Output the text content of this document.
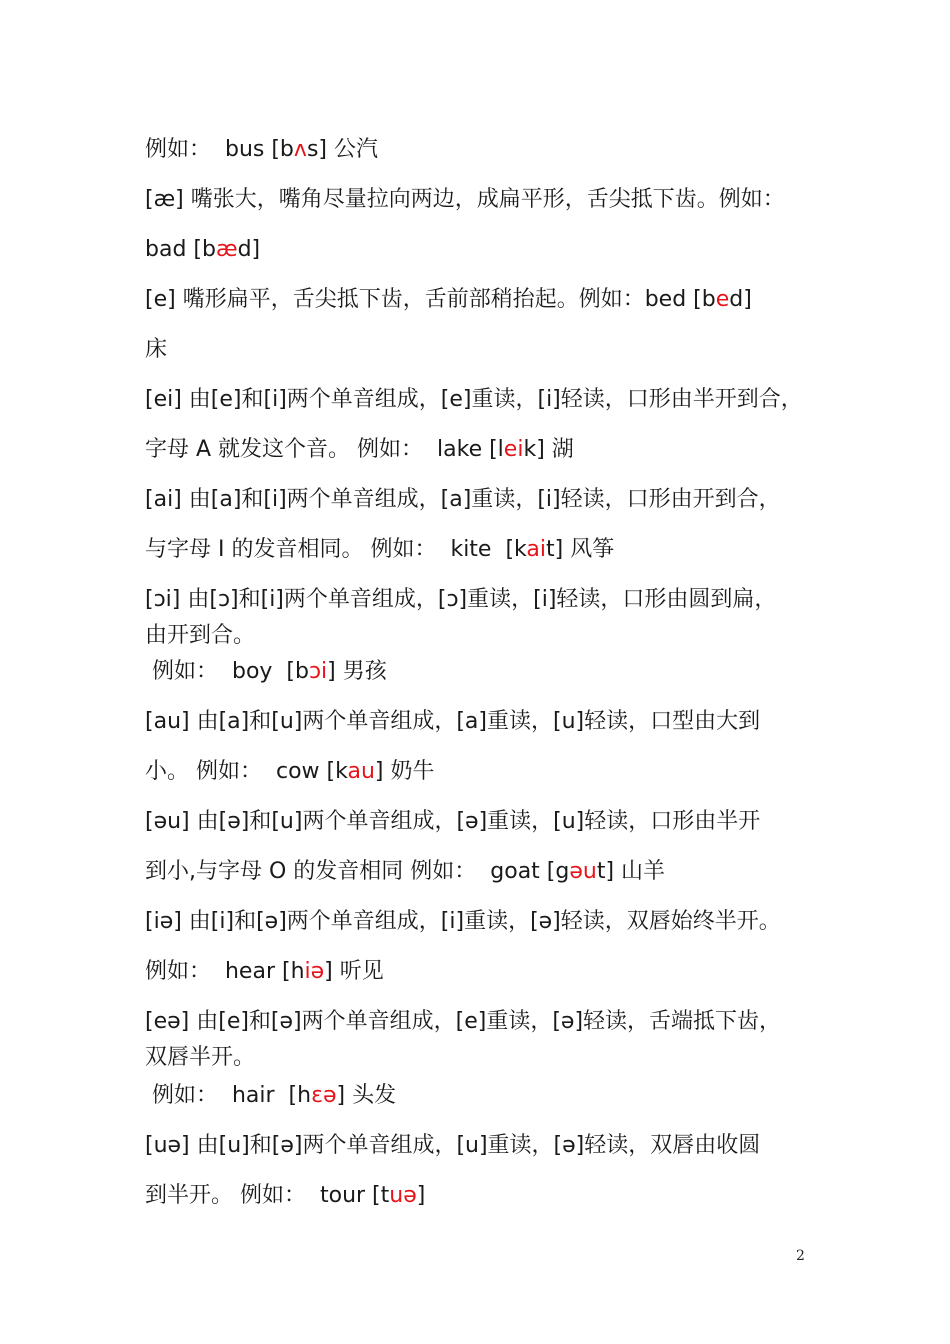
例如：  bus [bʌs] 公汽
[æ] 嘴张大，嘴角尽量拉向两边，成扁平形，舌尖抵下齿。例如：
bad [bæd]
[e] 嘴形扁平，舌尖抵下齿，舌前部稍抬起。例如：bed [bed]
床
[ei] 由[e]和[i]两个单音组成，[e]重读，[i]轻读，口形由半开到合，
字母 A 就发这个音。 例如：  lake [leik] 湖
[ai] 由[a]和[i]两个单音组成，[a]重读，[i]轻读，口形由开到合，
与字母 I 的发音相同。 例如：  kite  [kait] 风筝
[ɔi] 由[ɔ]和[i]两个单音组成，[ɔ]重读，[i]轻读，口形由圆到扁，
由开到合。
例如：  boy  [bɔi] 男孩
[au] 由[a]和[u]两个单音组成，[a]重读，[u]轻读，口型由大到
小。 例如：  cow [kau] 奶牛
[əu] 由[ə]和[u]两个单音组成，[ə]重读，[u]轻读，口形由半开
到小,与字母 O 的发音相同 例如：  goat [gəut] 山羊
[iə] 由[i]和[ə]两个单音组成，[i]重读，[ə]轻读，双唇始终半开。
例如：  hear [hiə] 听见
[eə] 由[e]和[ə]两个单音组成，[e]重读，[ə]轻读，舌端抵下齿，
双唇半开。
例如：  hair  [hɛə] 头发
[uə] 由[u]和[ə]两个单音组成，[u]重读，[ə]轻读，双唇由收圆
到半开。 例如：  tour [tuə]
2
